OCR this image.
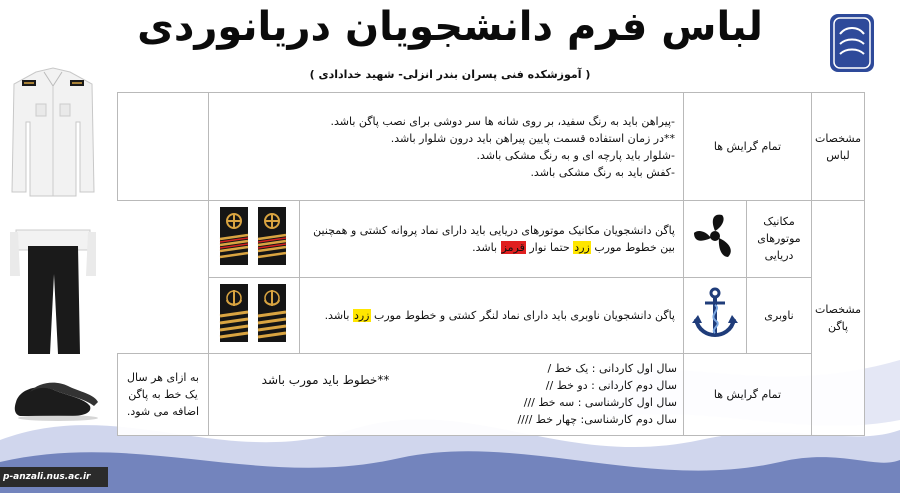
لباس فرم دانشجویان دریانوردی
( آموزشکده فنی پسران بندر انزلی- شهید خدادادی )
مشخصات لباس	تمام گرایش ها		-پیراهن باید به رنگ سفید، بر روی شانه ها سر دوشی برای نصب پاگن باشد.

**در زمان استفاده قسمت پایین پیراهن باید درون شلوار باشد.

-شلوار باید پارچه ای و به رنگ مشکی باشد.

-کفش باید به رنگ مشکی باشد.		

مشخصات پاگن	مکانیک موتورهای دریایی		پاگن دانشجویان مکانیک موتورهای دریایی باید دارای نماد پروانه کشتی و همچنین بین خطوط مورب زرد حتما نوار قرمز باشد.	
	ناوبری		پاگن دانشجویان ناوبری باید دارای نماد لنگر کشتی و خطوط مورب زرد باشد.	
	تمام گرایش ها		سال اول کاردانی : یک خط /
سال دوم کاردانی : دو خط //
سال اول کارشناسی : سه خط ///
سال دوم کارشناسی: چهار خط ////
**خطوط باید مورب باشد		به ازای هر سال یک خط به پاگن اضافه می شود.
p-anzali.nus.ac.ir
